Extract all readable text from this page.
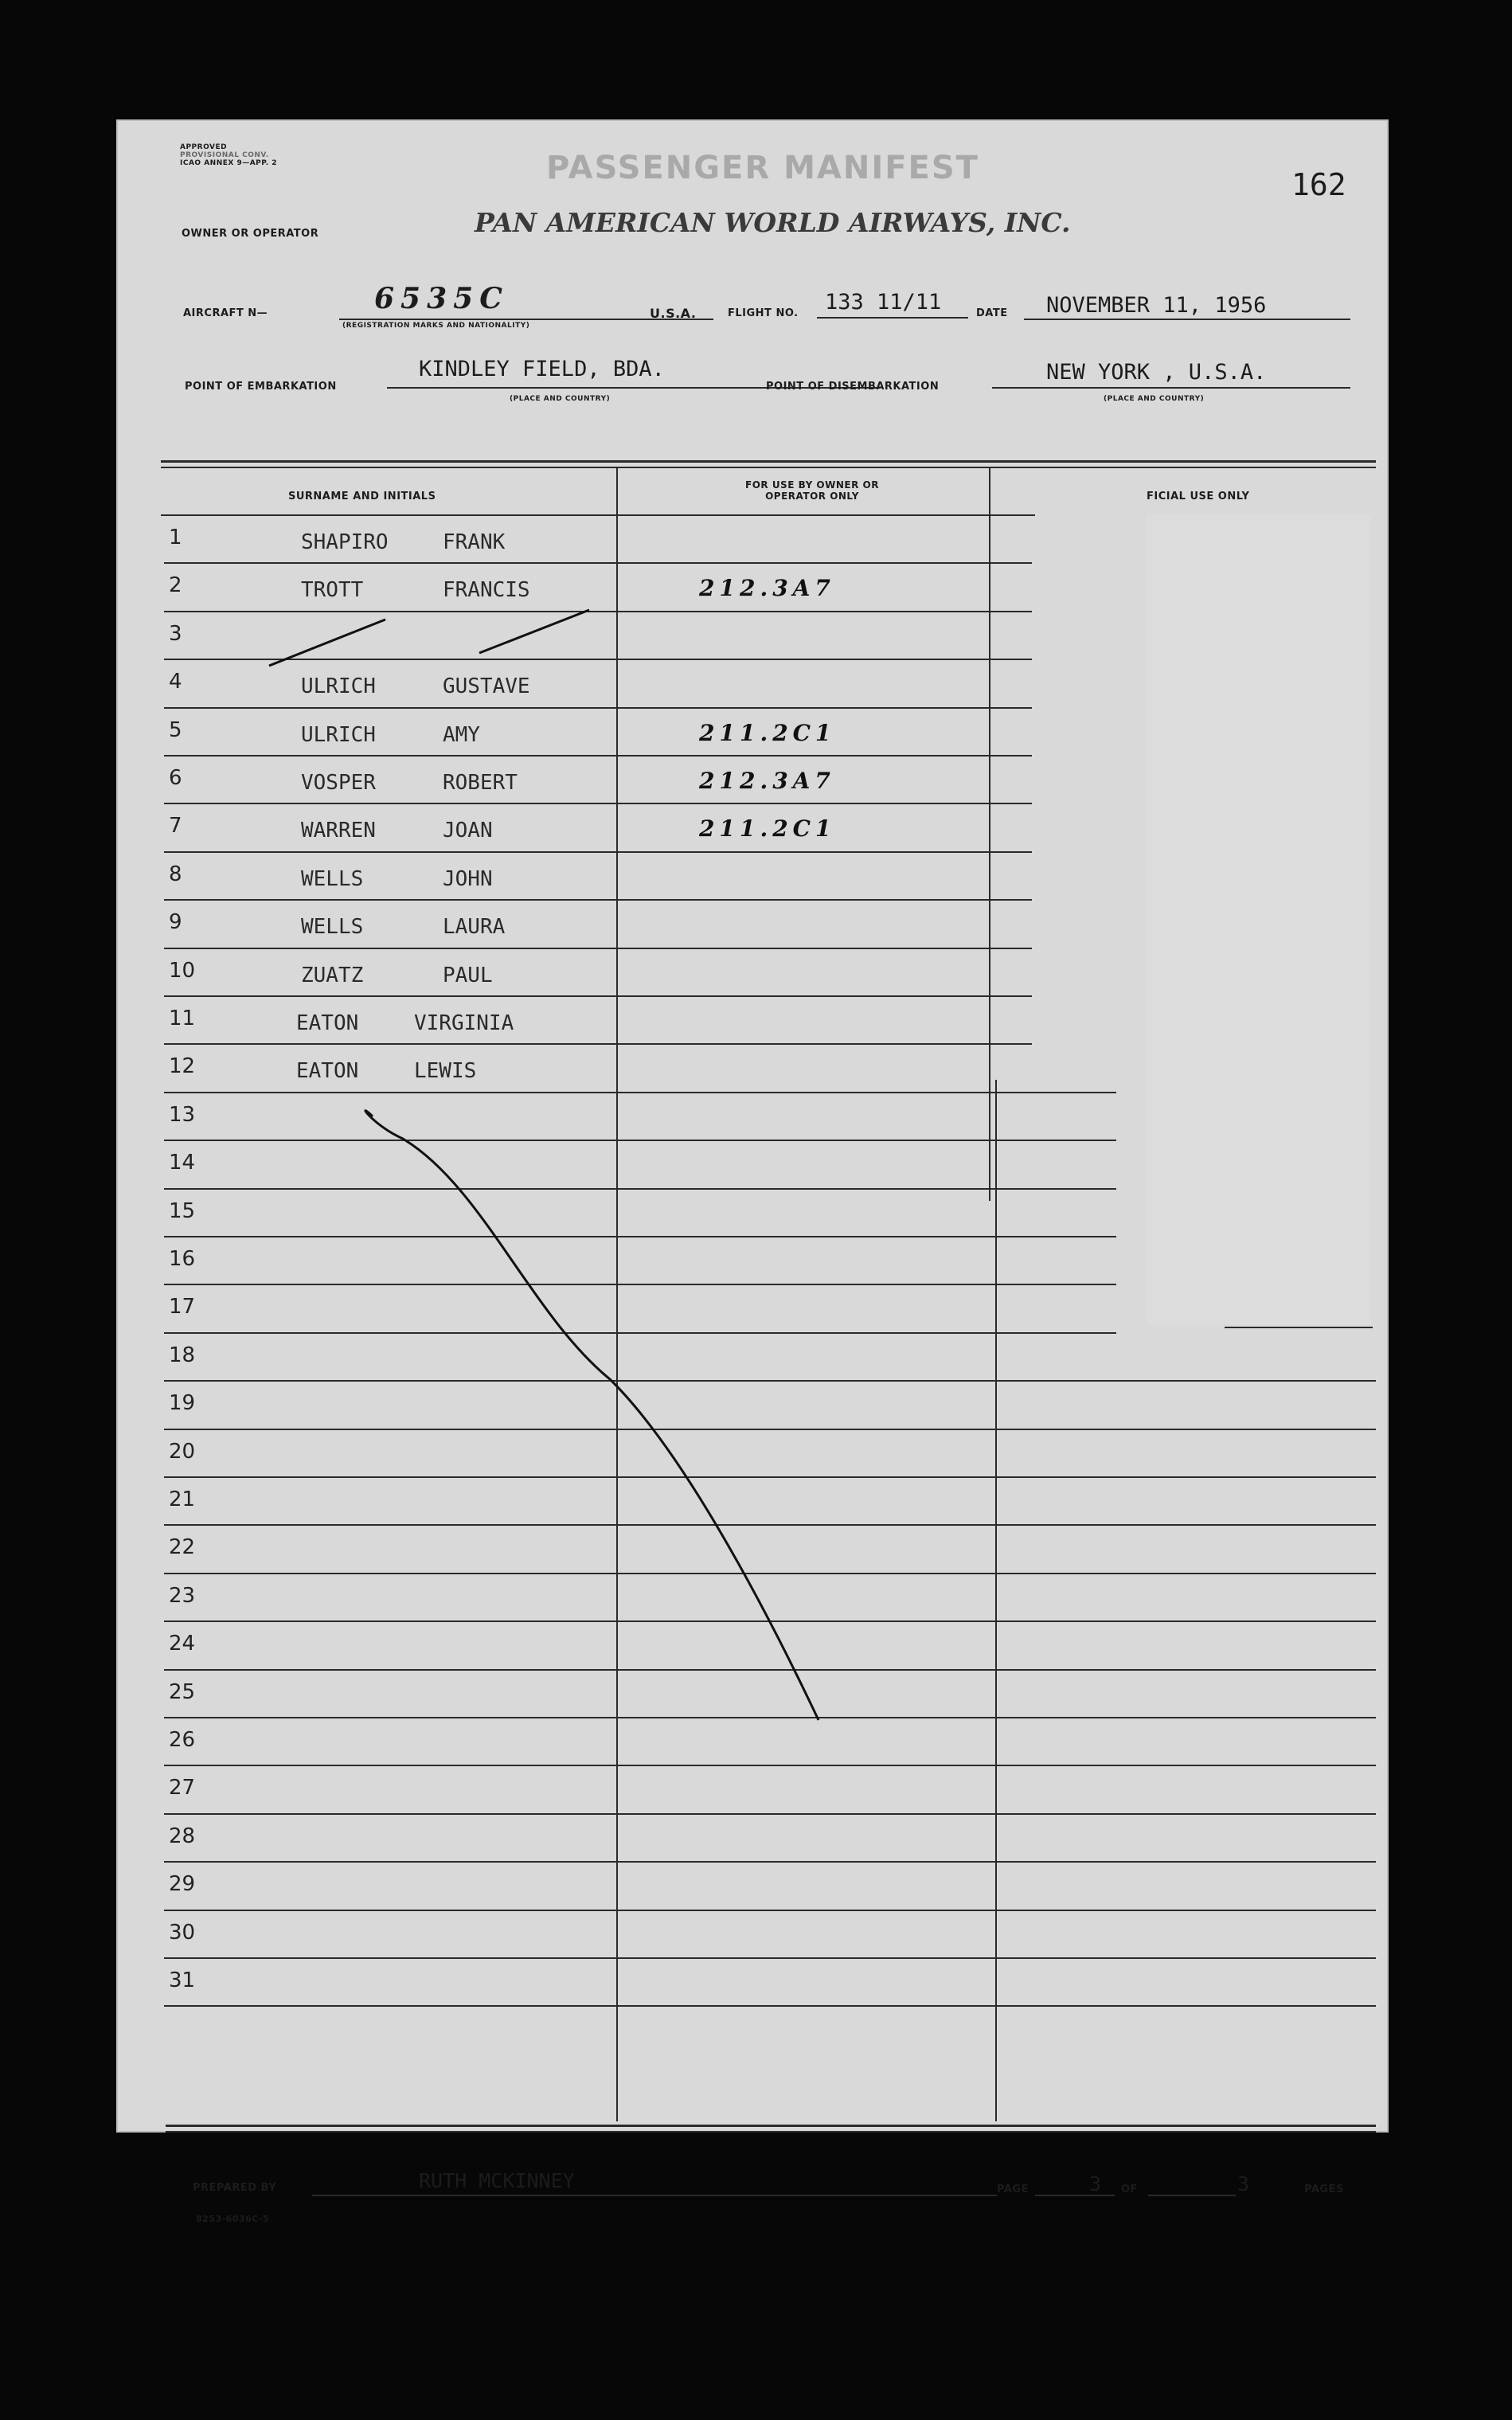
APPROVED
PROVISIONAL CONV.
ICAO ANNEX 9—APP. 2	PASSENGER MANIFEST	162
OWNER OR OPERATOR	PAN AMERICAN WORLD AIRWAYS, INC.
AIRCRAFT N—	6535C
(REGISTRATION MARKS AND NATIONALITY)
U.S.A.	FLIGHT NO. 133 11/11	DATE NOVEMBER 11, 1956
POINT OF EMBARKATION
KINDLEY FIELD, BDA.
(PLACE AND COUNTRY)
POINT OF DISEMBARKATION
NEW YORK , U.S.A.
(PLACE AND COUNTRY)
SURNAME AND INITIALS
FOR USE BY OWNER OR OPERATOR ONLY	FICIAL USE ONLY
1	SHAPIRO	FRANK
2	TROTT	FRANCIS	212.3A7
3
4	ULRICH	GUSTAVE
5	ULRICH	AMY	211.2C1
6	VOSPER	ROBERT	212.3A7
7	WARREN	JOAN	211.2C1
8	WELLS	JOHN
9	WELLS	LAURA
10	ZUATZ	PAUL
11	EATON	VIRGINIA
12	EATON	LEWIS
13
14
15
16
17
18
19
20
21
22
23
24
25
26
27
28
29
30
31
PREPARED BY	RUTH MCKINNEY	PAGE	3 OF	3	PAGES
8253-6036C-5
